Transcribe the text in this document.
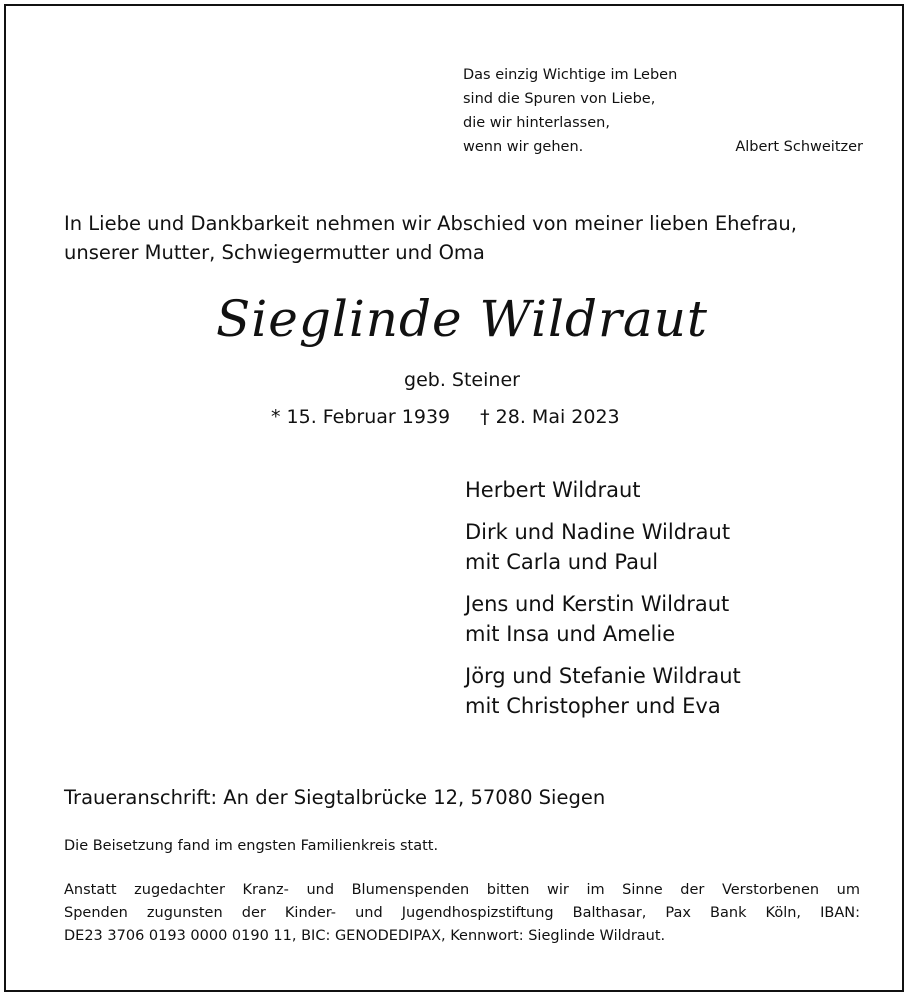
Das einzig Wichtige im Leben
sind die Spuren von Liebe,
die wir hinterlassen,
wenn wir gehen.	Albert Schweitzer
In Liebe und Dankbarkeit nehmen wir Abschied von meiner lieben Ehefrau,
unserer Mutter, Schwiegermutter und Oma
Sieglinde Wildraut
geb. Steiner
* 15. Februar 1939 † 28. Mai 2023
Herbert Wildraut
Dirk und Nadine Wildraut
mit Carla und Paul
Jens und Kerstin Wildraut
mit Insa und Amelie
Jörg und Stefanie Wildraut
mit Christopher und Eva
Traueranschrift: An der Siegtalbrücke 12, 57080 Siegen
Die Beisetzung fand im engsten Familienkreis statt.
Anstatt zugedachter Kranz- und Blumenspenden bitten wir im Sinne der Verstorbenen um
Spenden zugunsten der Kinder- und Jugendhospizstiftung Balthasar, Pax Bank Köln, IBAN:
DE23 3706 0193 0000 0190 11, BIC: GENODEDIPAX, Kennwort: Sieglinde Wildraut.
